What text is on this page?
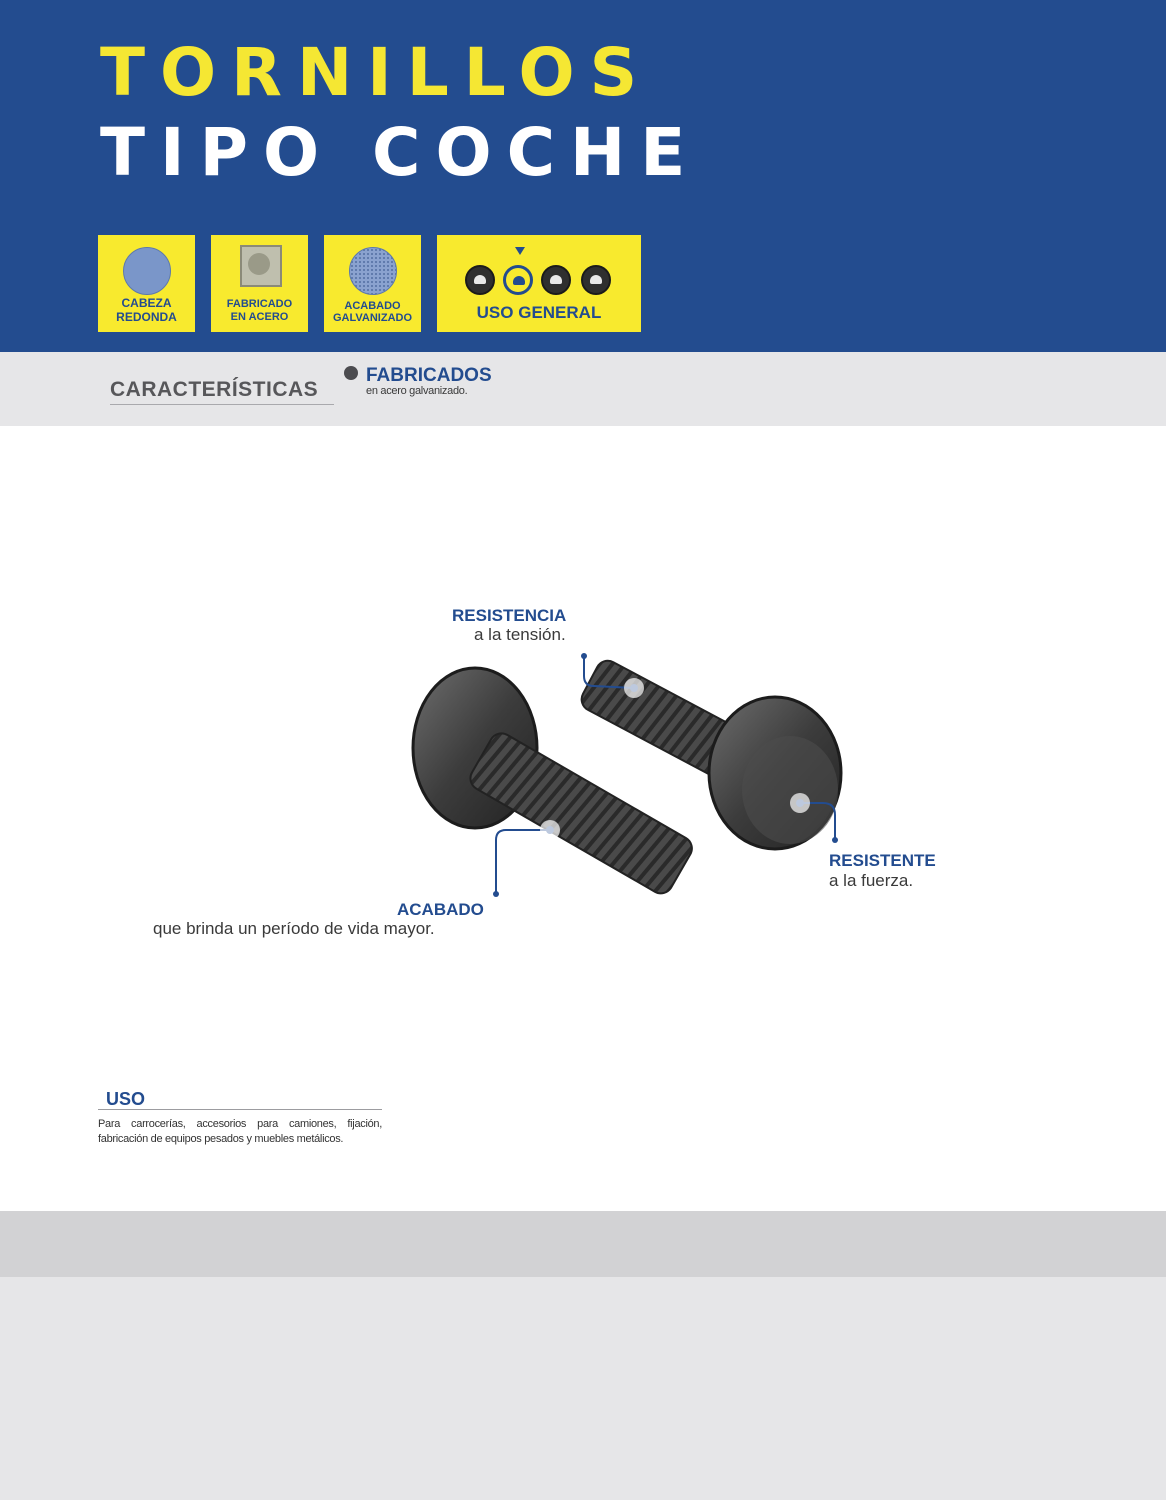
TORNILLOS
TIPO COCHE
CABEZA
REDONDA
FABRICADO
EN ACERO
ACABADO
GALVANIZADO	USO GENERAL
CARACTERÍSTICAS
FABRICADOS
en acero galvanizado.
RESISTENCIA
a la tensión.
RESISTENTE
a la fuerza.
ACABADO
que brinda un período de vida mayor.
USO
Para carrocerías, accesorios para camiones, fijación, fabricación de equipos pesados y muebles metálicos.
